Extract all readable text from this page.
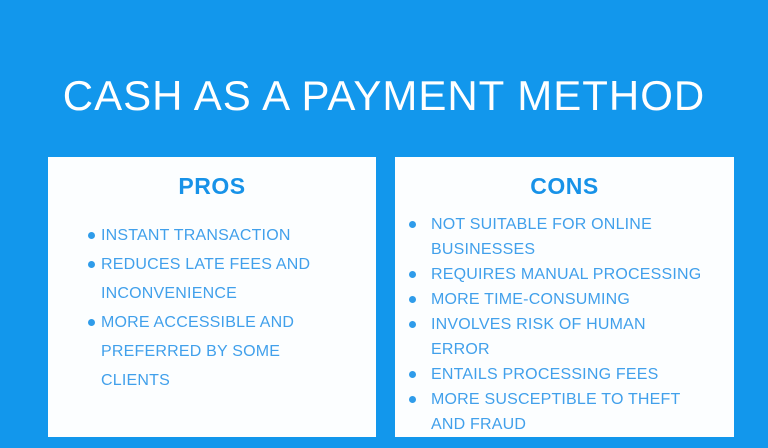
CASH AS A PAYMENT METHOD
PROS
INSTANT TRANSACTION
REDUCES LATE FEES AND INCONVENIENCE
MORE ACCESSIBLE AND PREFERRED BY SOME CLIENTS
CONS
NOT SUITABLE FOR ONLINE BUSINESSES
REQUIRES MANUAL PROCESSING
MORE TIME-CONSUMING
INVOLVES RISK OF HUMAN ERROR
ENTAILS PROCESSING FEES
MORE SUSCEPTIBLE TO THEFT AND FRAUD
